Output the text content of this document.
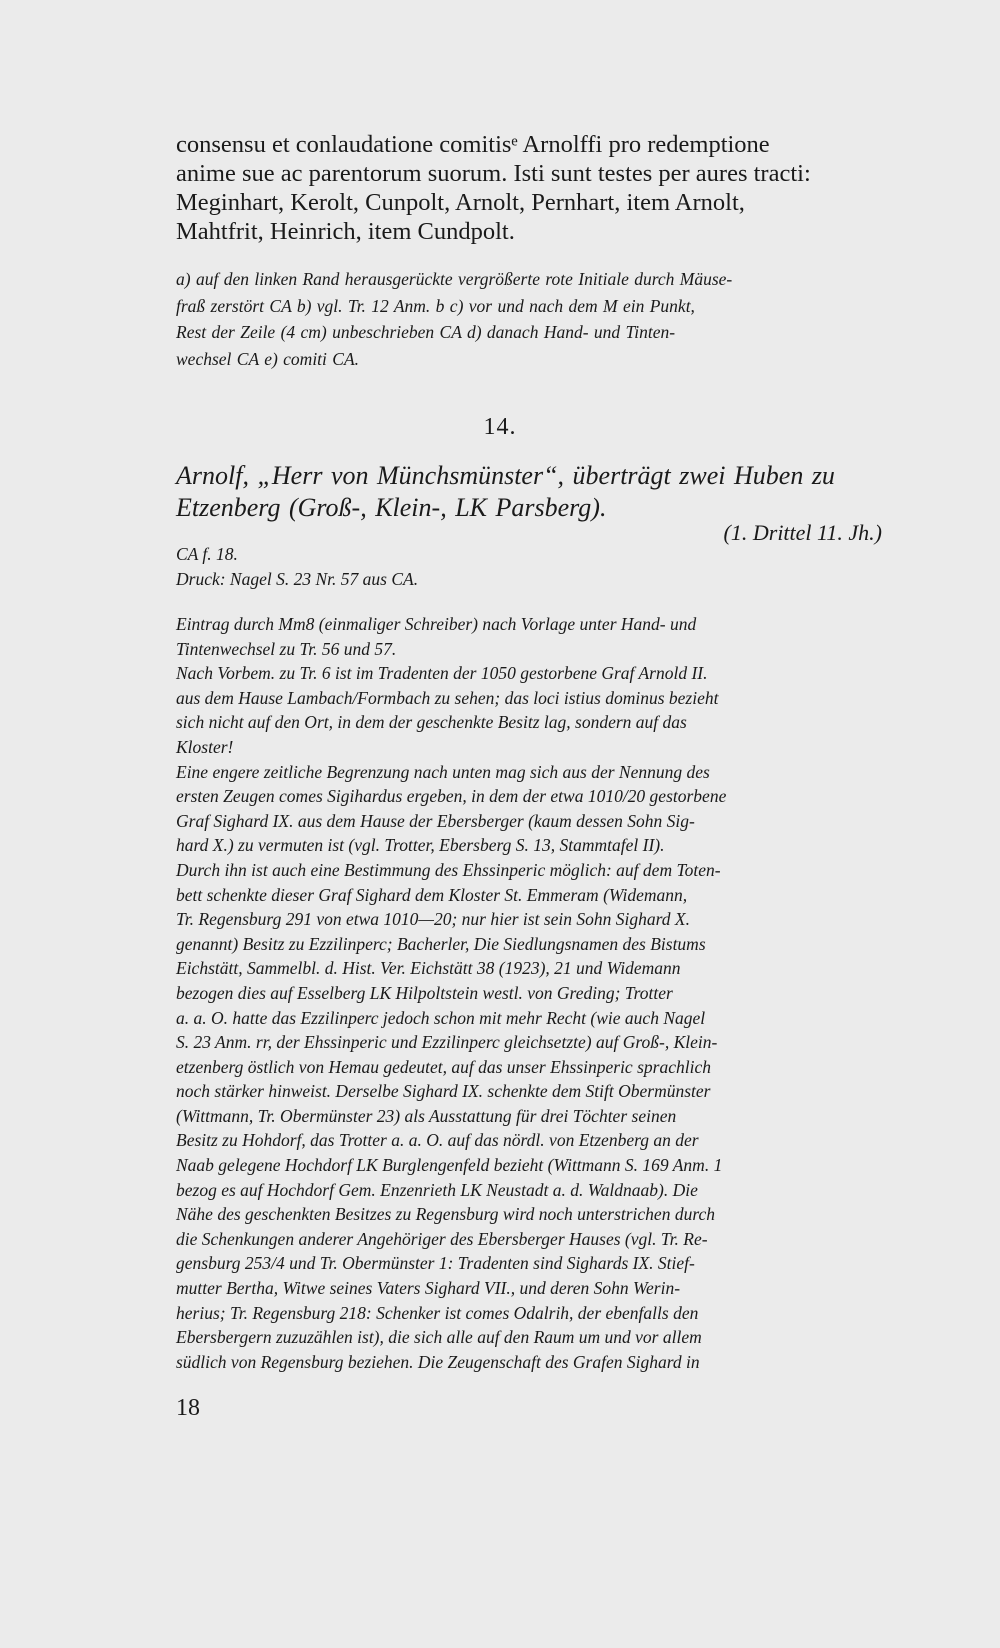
consensu et conlaudatione comitisᵉ Arnolffi pro redemptione

anime sue ac parentorum suorum. Isti sunt testes per aures tracti:

Meginhart, Kerolt, Cunpolt, Arnolt, Pernhart, item Arnolt,

Mahtfrit, Heinrich, item Cundpolt.

a) auf den linken Rand herausgerückte vergrößerte rote Initiale durch Mäuse-

fraß zerstört CA b) vgl. Tr. 12 Anm. b c) vor und nach dem M ein Punkt,

Rest der Zeile (4 cm) unbeschrieben CA d) danach Hand- und Tinten-

wechsel CA e) comiti CA.

14.

Arnolf, „Herr von Münchsmünster“, überträgt zwei Huben zu

Etzenberg (Groß-, Klein-, LK Parsberg).

(1. Drittel 11. Jh.)

CA f. 18.

Druck: Nagel S. 23 Nr. 57 aus CA.

Eintrag durch Mm8 (einmaliger Schreiber) nach Vorlage unter Hand- und

Tintenwechsel zu Tr. 56 und 57.

Nach Vorbem. zu Tr. 6 ist im Tradenten der 1050 gestorbene Graf Arnold II.

aus dem Hause Lambach/Formbach zu sehen; das loci istius dominus bezieht

sich nicht auf den Ort, in dem der geschenkte Besitz lag, sondern auf das

Kloster!

Eine engere zeitliche Begrenzung nach unten mag sich aus der Nennung des

ersten Zeugen comes Sigihardus ergeben, in dem der etwa 1010/20 gestorbene

Graf Sighard IX. aus dem Hause der Ebersberger (kaum dessen Sohn Sig-

hard X.) zu vermuten ist (vgl. Trotter, Ebersberg S. 13, Stammtafel II).

Durch ihn ist auch eine Bestimmung des Ehssinperic möglich: auf dem Toten-

bett schenkte dieser Graf Sighard dem Kloster St. Emmeram (Widemann,

Tr. Regensburg 291 von etwa 1010—20; nur hier ist sein Sohn Sighard X.

genannt) Besitz zu Ezzilinperc; Bacherler, Die Siedlungsnamen des Bistums

Eichstätt, Sammelbl. d. Hist. Ver. Eichstätt 38 (1923), 21 und Widemann

bezogen dies auf Esselberg LK Hilpoltstein westl. von Greding; Trotter

a. a. O. hatte das Ezzilinperc jedoch schon mit mehr Recht (wie auch Nagel

S. 23 Anm. rr, der Ehssinperic und Ezzilinperc gleichsetzte) auf Groß-, Klein-

etzenberg östlich von Hemau gedeutet, auf das unser Ehssinperic sprachlich

noch stärker hinweist. Derselbe Sighard IX. schenkte dem Stift Obermünster

(Wittmann, Tr. Obermünster 23) als Ausstattung für drei Töchter seinen

Besitz zu Hohdorf, das Trotter a. a. O. auf das nördl. von Etzenberg an der

Naab gelegene Hochdorf LK Burglengenfeld bezieht (Wittmann S. 169 Anm. 1

bezog es auf Hochdorf Gem. Enzenrieth LK Neustadt a. d. Waldnaab). Die

Nähe des geschenkten Besitzes zu Regensburg wird noch unterstrichen durch

die Schenkungen anderer Angehöriger des Ebersberger Hauses (vgl. Tr. Re-

gensburg 253/4 und Tr. Obermünster 1: Tradenten sind Sighards IX. Stief-

mutter Bertha, Witwe seines Vaters Sighard VII., und deren Sohn Werin-

herius; Tr. Regensburg 218: Schenker ist comes Odalrih, der ebenfalls den

Ebersbergern zuzuzählen ist), die sich alle auf den Raum um und vor allem

südlich von Regensburg beziehen. Die Zeugenschaft des Grafen Sighard in

18
